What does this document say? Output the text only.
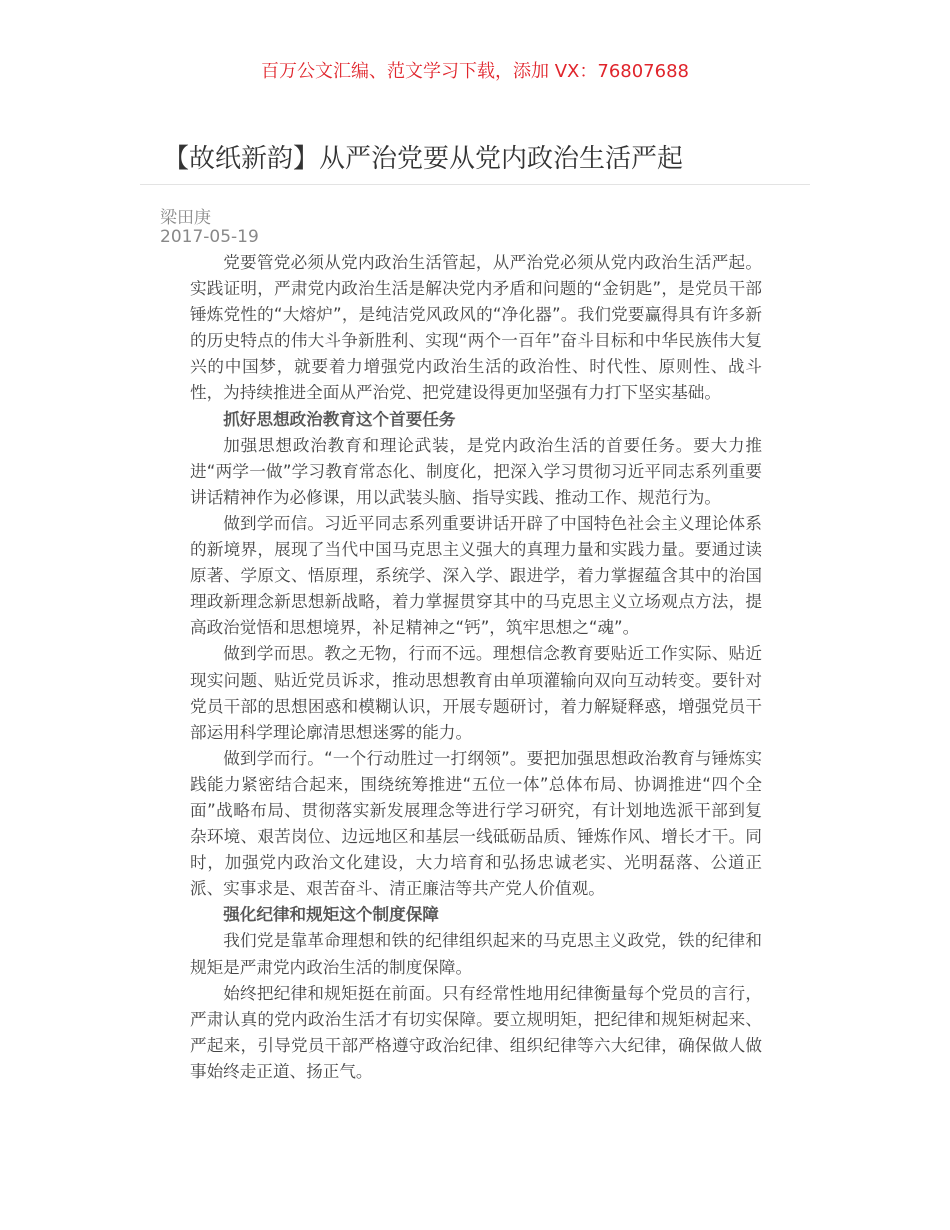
百万公文汇编、范文学习下载，添加 VX：76807688
【故纸新韵】从严治党要从党内政治生活严起
梁田庚
2017-05-19

党要管党必须从党内政治生活管起，从严治党必须从党内政治生活严起。实践证明，严肃党内政治生活是解决党内矛盾和问题的“金钥匙”，是党员干部锤炼党性的“大熔炉”，是纯洁党风政风的“净化器”。我们党要赢得具有许多新的历史特点的伟大斗争新胜利、实现“两个一百年”奋斗目标和中华民族伟大复兴的中国梦，就要着力增强党内政治生活的政治性、时代性、原则性、战斗性，为持续推进全面从严治党、把党建设得更加坚强有力打下坚实基础。

抓好思想政治教育这个首要任务

加强思想政治教育和理论武装，是党内政治生活的首要任务。要大力推进“两学一做”学习教育常态化、制度化，把深入学习贯彻习近平同志系列重要讲话精神作为必修课，用以武装头脑、指导实践、推动工作、规范行为。

做到学而信。习近平同志系列重要讲话开辟了中国特色社会主义理论体系的新境界，展现了当代中国马克思主义强大的真理力量和实践力量。要通过读原著、学原文、悟原理，系统学、深入学、跟进学，着力掌握蕴含其中的治国理政新理念新思想新战略，着力掌握贯穿其中的马克思主义立场观点方法，提高政治觉悟和思想境界，补足精神之“钙”，筑牢思想之“魂”。

做到学而思。教之无物，行而不远。理想信念教育要贴近工作实际、贴近现实问题、贴近党员诉求，推动思想教育由单项灌输向双向互动转变。要针对党员干部的思想困惑和模糊认识，开展专题研讨，着力解疑释惑，增强党员干部运用科学理论廓清思想迷雾的能力。

做到学而行。“一个行动胜过一打纲领”。要把加强思想政治教育与锤炼实践能力紧密结合起来，围绕统筹推进“五位一体”总体布局、协调推进“四个全面”战略布局、贯彻落实新发展理念等进行学习研究，有计划地选派干部到复杂环境、艰苦岗位、边远地区和基层一线砥砺品质、锤炼作风、增长才干。同时，加强党内政治文化建设，大力培育和弘扬忠诚老实、光明磊落、公道正派、实事求是、艰苦奋斗、清正廉洁等共产党人价值观。

强化纪律和规矩这个制度保障

我们党是靠革命理想和铁的纪律组织起来的马克思主义政党，铁的纪律和规矩是严肃党内政治生活的制度保障。

始终把纪律和规矩挺在前面。只有经常性地用纪律衡量每个党员的言行，严肃认真的党内政治生活才有切实保障。要立规明矩，把纪律和规矩树起来、严起来，引导党员干部严格遵守政治纪律、组织纪律等六大纪律，确保做人做事始终走正道、扬正气。
